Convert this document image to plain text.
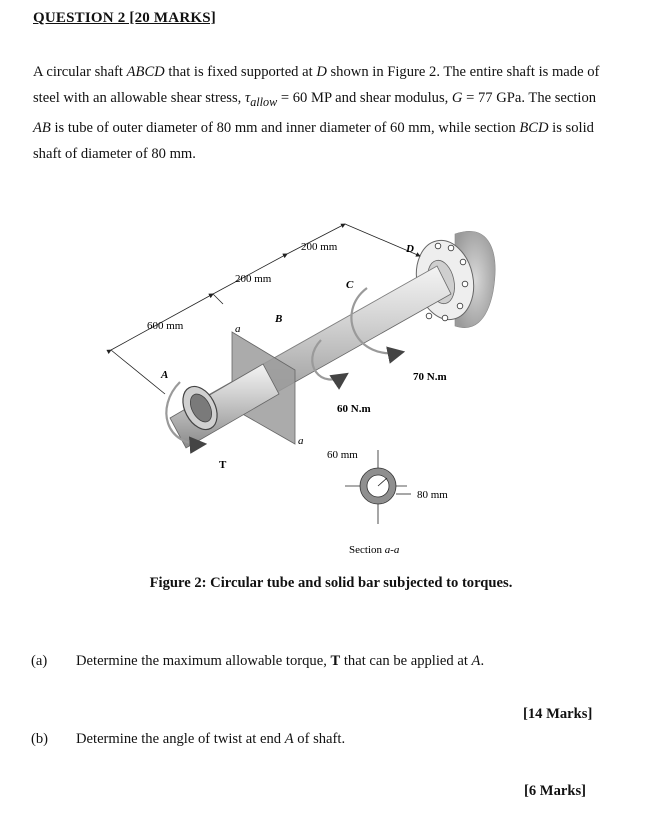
QUESTION 2 [20 MARKS]
A circular shaft ABCD that is fixed supported at D shown in Figure 2. The entire shaft is made of steel with an allowable shear stress, $\tau_{allow} = 60$ MP and shear modulus, G = 77 GPa. The section AB is tube of outer diameter of 80 mm and inner diameter of 60 mm, while section BCD is solid shaft of diameter of 80 mm.
600 mm
200 mm
200 mm
A
B
C
D
a
a
T
60 N.m
70 N.m
60 mm
80 mm
Section a-a
Figure 2: Circular tube and solid bar subjected to torques.
(a) Determine the maximum allowable torque, T that can be applied at A.
[14 Marks]
(b) Determine the angle of twist at end A of shaft.
[6 Marks]
